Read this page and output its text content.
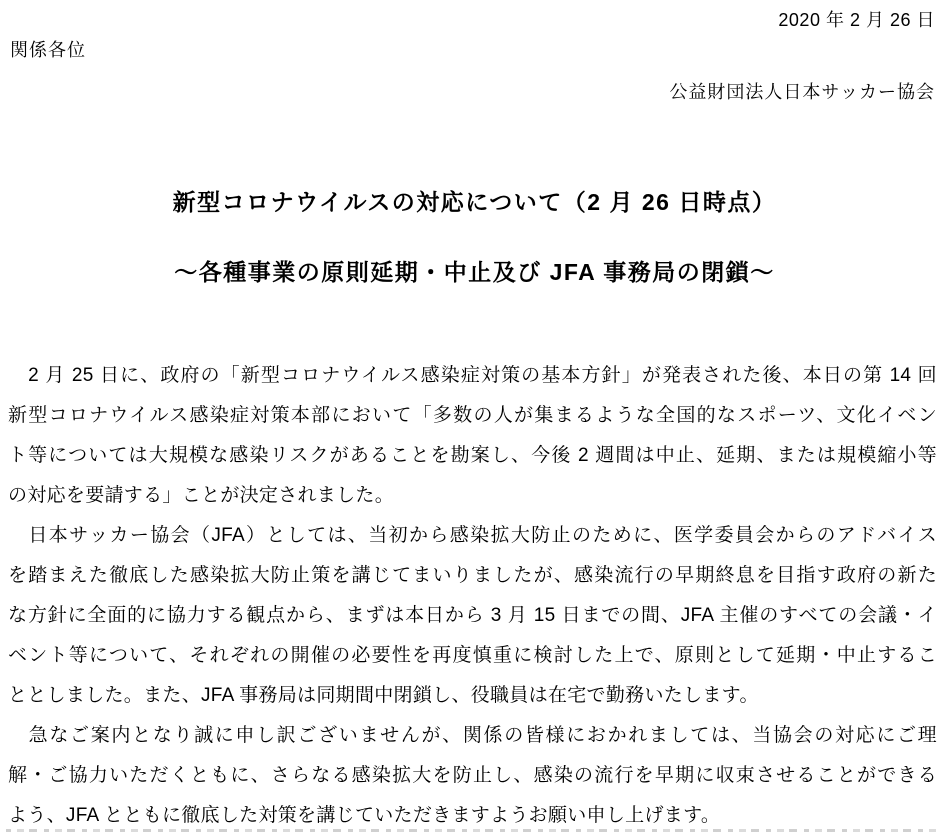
2020 年 2 月 26 日
関係各位
公益財団法人日本サッカー協会
新型コロナウイルスの対応について（2 月 26 日時点）
～各種事業の原則延期・中止及び JFA 事務局の閉鎖～
　2 月 25 日に、政府の「新型コロナウイルス感染症対策の基本方針」が発表された後、本日の第 14 回
新型コロナウイルス感染症対策本部において「多数の人が集まるような全国的なスポーツ、文化イベン
ト等については大規模な感染リスクがあることを勘案し、今後 2 週間は中止、延期、または規模縮小等
の対応を要請する」ことが決定されました。
　日本サッカー協会（JFA）としては、当初から感染拡大防止のために、医学委員会からのアドバイス
を踏まえた徹底した感染拡大防止策を講じてまいりましたが、感染流行の早期終息を目指す政府の新た
な方針に全面的に協力する観点から、まずは本日から 3 月 15 日までの間、JFA 主催のすべての会議・イ
ベント等について、それぞれの開催の必要性を再度慎重に検討した上で、原則として延期・中止するこ
ととしました。また、JFA 事務局は同期間中閉鎖し、役職員は在宅で勤務いたします。
　急なご案内となり誠に申し訳ございませんが、関係の皆様におかれましては、当協会の対応にご理
解・ご協力いただくともに、さらなる感染拡大を防止し、感染の流行を早期に収束させることができる
よう、JFA とともに徹底した対策を講じていただきますようお願い申し上げます。
